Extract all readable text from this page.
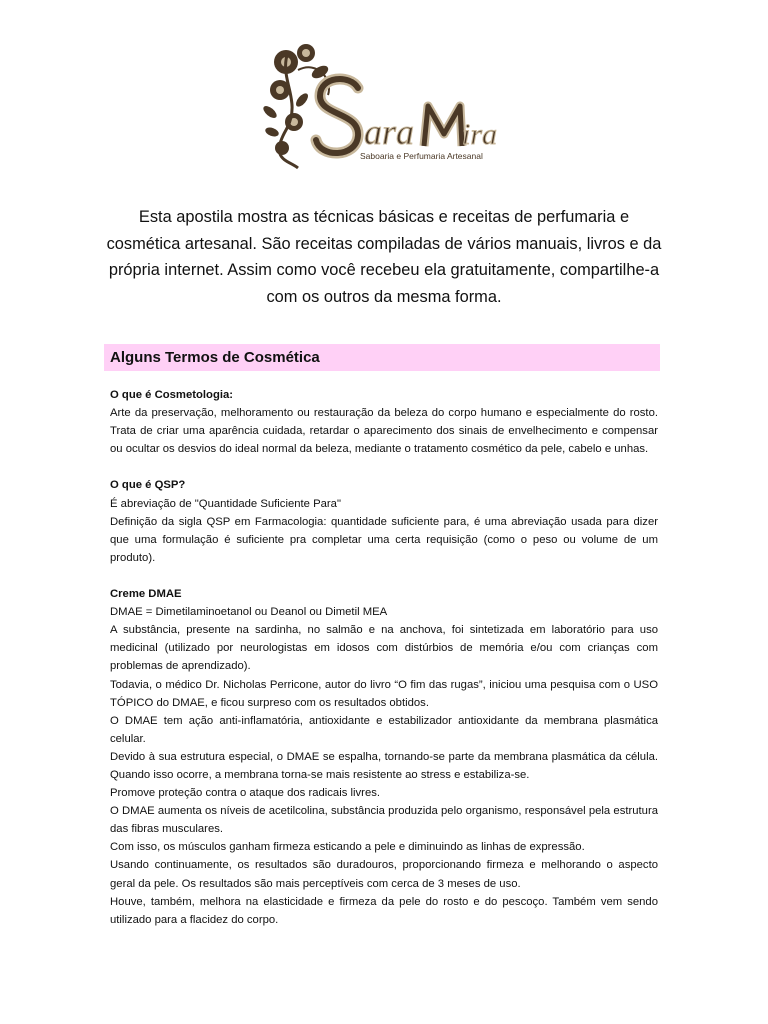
ara ira
Saboaria e Perfumaria Artesanal
Esta apostila mostra as técnicas básicas e receitas de perfumaria e cosmética artesanal. São receitas compiladas de vários manuais, livros e da própria internet. Assim como você recebeu ela gratuitamente, compartilhe-a com os outros da mesma forma.
Alguns Termos de Cosmética

O que é Cosmetologia:

Arte da preservação, melhoramento ou restauração da beleza do corpo humano e especialmente do rosto. Trata de criar uma aparência cuidada, retardar o aparecimento dos sinais de envelhecimento e compensar ou ocultar os desvios do ideal normal da beleza, mediante o tratamento cosmético da pele, cabelo e unhas.

O que é QSP?

É abreviação de "Quantidade Suficiente Para"

Definição da sigla QSP em Farmacologia: quantidade suficiente para, é uma abreviação usada para dizer que uma formulação é suficiente pra completar uma certa requisição (como o peso ou volume de um produto).

Creme DMAE

DMAE = Dimetilaminoetanol ou Deanol ou Dimetil MEA

A substância, presente na sardinha, no salmão e na anchova, foi sintetizada em laboratório para uso medicinal (utilizado por neurologistas em idosos com distúrbios de memória e/ou com crianças com problemas de aprendizado).

Todavia, o médico Dr. Nicholas Perricone, autor do livro “O fim das rugas”, iniciou uma pesquisa com o USO TÓPICO do DMAE, e ficou surpreso com os resultados obtidos.

O DMAE tem ação anti-inflamatória, antioxidante e estabilizador antioxidante da membrana plasmática celular.

Devido à sua estrutura especial, o DMAE se espalha, tornando-se parte da membrana plasmática da célula. Quando isso ocorre, a membrana torna-se mais resistente ao stress e estabiliza-se.

Promove proteção contra o ataque dos radicais livres.

O DMAE aumenta os níveis de acetilcolina, substância produzida pelo organismo, responsável pela estrutura das fibras musculares.

Com isso, os músculos ganham firmeza esticando a pele e diminuindo as linhas de expressão.

Usando continuamente, os resultados são duradouros, proporcionando firmeza e melhorando o aspecto geral da pele. Os resultados são mais perceptíveis com cerca de 3 meses de uso.

Houve, também, melhora na elasticidade e firmeza da pele do rosto e do pescoço. Também vem sendo utilizado para a flacidez do corpo.
